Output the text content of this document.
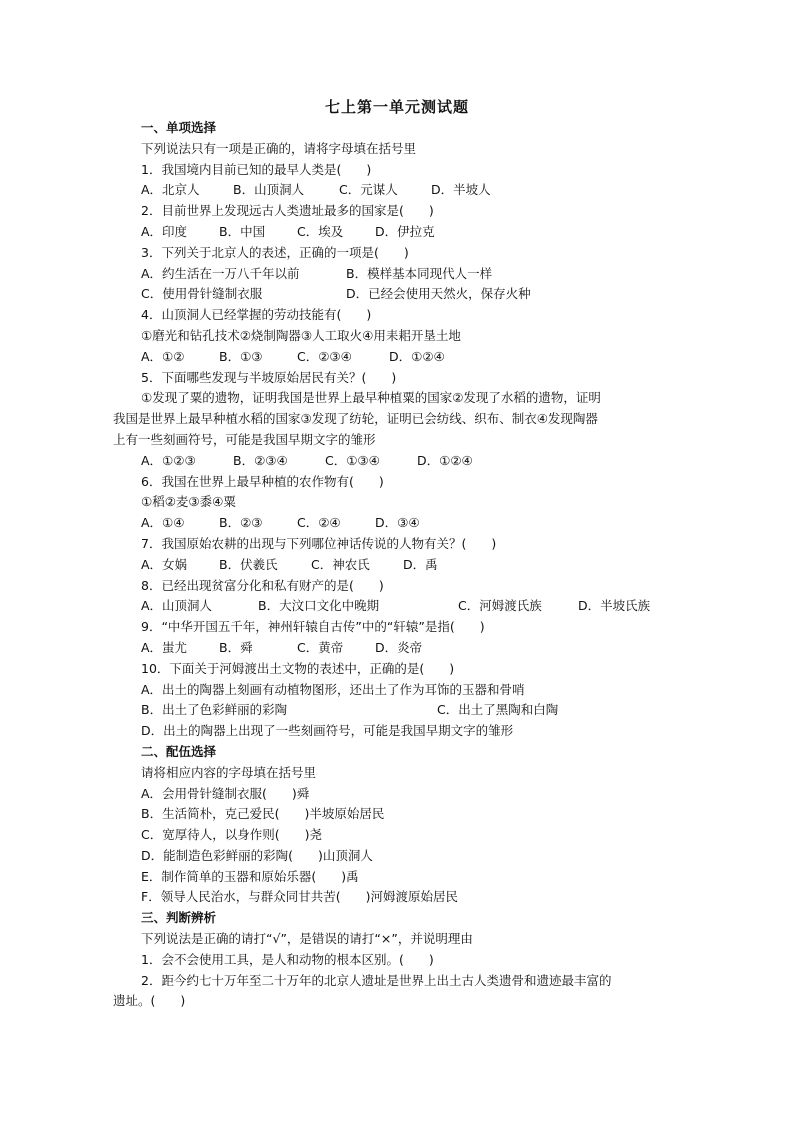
七上第一单元测试题
一、单项选择
下列说法只有一项是正确的，请将字母填在括号里
1．我国境内目前已知的最早人类是(　　)
A．北京人	B．山顶洞人	C．元谋人	D．半坡人
2．目前世界上发现远古人类遗址最多的国家是(　　)
A．印度	B．中国	C．埃及	D．伊拉克
3．下列关于北京人的表述，正确的一项是(　　)
A．约生活在一万八千年以前	B．模样基本同现代人一样
C．使用骨针缝制衣服	D．已经会使用天然火，保存火种
4．山顶洞人已经掌握的劳动技能有(　　)
①磨光和钻孔技术②烧制陶器③人工取火④用耒耜开垦土地
A．①②	B．①③	C．②③④	D．①②④
5．下面哪些发现与半坡原始居民有关？(　　)
①发现了粟的遗物，证明我国是世界上最早种植粟的国家②发现了水稻的遗物，证明
我国是世界上最早种植水稻的国家③发现了纺轮，证明已会纺线、织布、制衣④发现陶器
上有一些刻画符号，可能是我国早期文字的雏形
A．①②③	B．②③④	C．①③④	D．①②④
6．我国在世界上最早种植的农作物有(　　)
①稻②麦③黍④粟
A．①④	B．②③	C．②④	D．③④
7．我国原始农耕的出现与下列哪位神话传说的人物有关？(　　)
A．女娲	B．伏羲氏	C．神农氏	D．禹
8．已经出现贫富分化和私有财产的是(　　)
A．山顶洞人	B．大汶口文化中晚期	C．河姆渡氏族	D．半坡氏族
9．“中华开国五千年，神州轩辕自古传”中的“轩辕”是指(　　)
A．蚩尤	B．舜	C．黄帝	D．炎帝
10．下面关于河姆渡出土文物的表述中，正确的是(　　)
A．出土的陶器上刻画有动植物图形，还出土了作为耳饰的玉器和骨哨
B．出土了色彩鲜丽的彩陶	C．出土了黑陶和白陶
D．出土的陶器上出现了一些刻画符号，可能是我国早期文字的雏形
二、配伍选择
请将相应内容的字母填在括号里
A．会用骨针缝制衣服(　　)舜
B．生活简朴，克己爱民(　　)半坡原始居民
C．宽厚待人，以身作则(　　)尧
D．能制造色彩鲜丽的彩陶(　　)山顶洞人
E．制作简单的玉器和原始乐器(　　)禹
F．领导人民治水，与群众同甘共苦(　　)河姆渡原始居民
三、判断辨析
下列说法是正确的请打“√”，是错误的请打“×”，并说明理由
1．会不会使用工具，是人和动物的根本区别。(　　)
2．距今约七十万年至二十万年的北京人遗址是世界上出土古人类遗骨和遗迹最丰富的
遗址。(　　)
